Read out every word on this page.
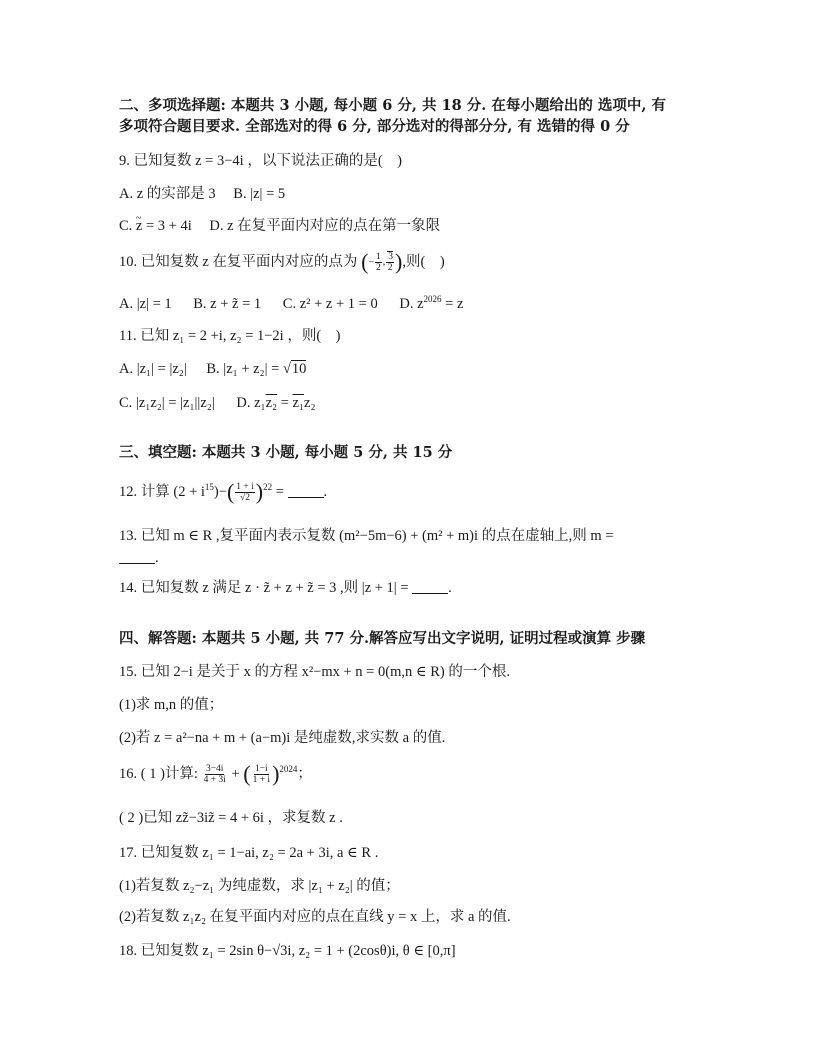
二、多项选择题: 本题共 3 小题, 每小题 6 分, 共 18 分. 在每小题给出的 选项中, 有
多项符合题目要求. 全部选对的得 6 分, 部分选对的得部分分, 有 选错的得 0 分
9. 已知复数 z = 3−4i ，以下说法正确的是(　)
A. z 的实部是 3 B. |z| = 5
C. ~ z = 3 + 4i D. z 在复平面内对应的点在第一象限
10. 已知复数 z 在复平面内对应的点为 (− $\frac{1}{2}$ , $\frac{3}{2}$ ),则(　)
A. |z| = 1 B. z + z̃ = 1 C. z² + z + 1 = 0 D. $z^{2026} = z$
11. 已知 z₁ = 2 +i, z₂ = 1−2i ，则(　)
A. |z₁| = |z₂| B. |z₁ + z₂| = √10
C. |z₁z₂| = |z₁||z₂| D. z₁z₂ = z₁z₂
三、填空题: 本题共 3 小题, 每小题 5 分, 共 15 分
12. 计算 $(2 + i^{15})-( \frac{1 + i}{√2} )^{22}$ = .
13. 已知 m ∈ R ,复平面内表示复数 (m²−5m−6) + (m² + m)i 的点在虚轴上,则 m =
.
14. 已知复数 z 满足 z · z̃ + z + z̃ = 3 ,则 |z + 1| =	.
四、解答题: 本题共 5 小题, 共 77 分.解答应写出文字说明, 证明过程或演算 步骤
15. 已知 2−i 是关于 x 的方程 x²−mx + n = 0(m,n ∈ R) 的一个根.
(1)求 m,n 的值；
(2)若 z = a²−na + m + (a−m)i 是纯虚数,求实数 a 的值.
16. ( 1 )计算: $\frac{3-4i}{4 + 3i}$ + ( $\frac{1-i}{1 + i} )^{2024}$；
( 2 )已知 zz̃−3iz̃ = 4 + 6i ，求复数 z .
17. 已知复数 z₁ = 1−ai, z₂ = 2a + 3i, a ∈ R .
(1)若复数 z₂−z₁ 为纯虚数，求 |z₁ + z₂| 的值；
(2)若复数 z₁z₂ 在复平面内对应的点在直线 y = x 上，求 a 的值.
18. 已知复数 z₁ = 2sin θ−√3i, z₂ = 1 + (2cosθ)i, θ ∈ [0,π]
